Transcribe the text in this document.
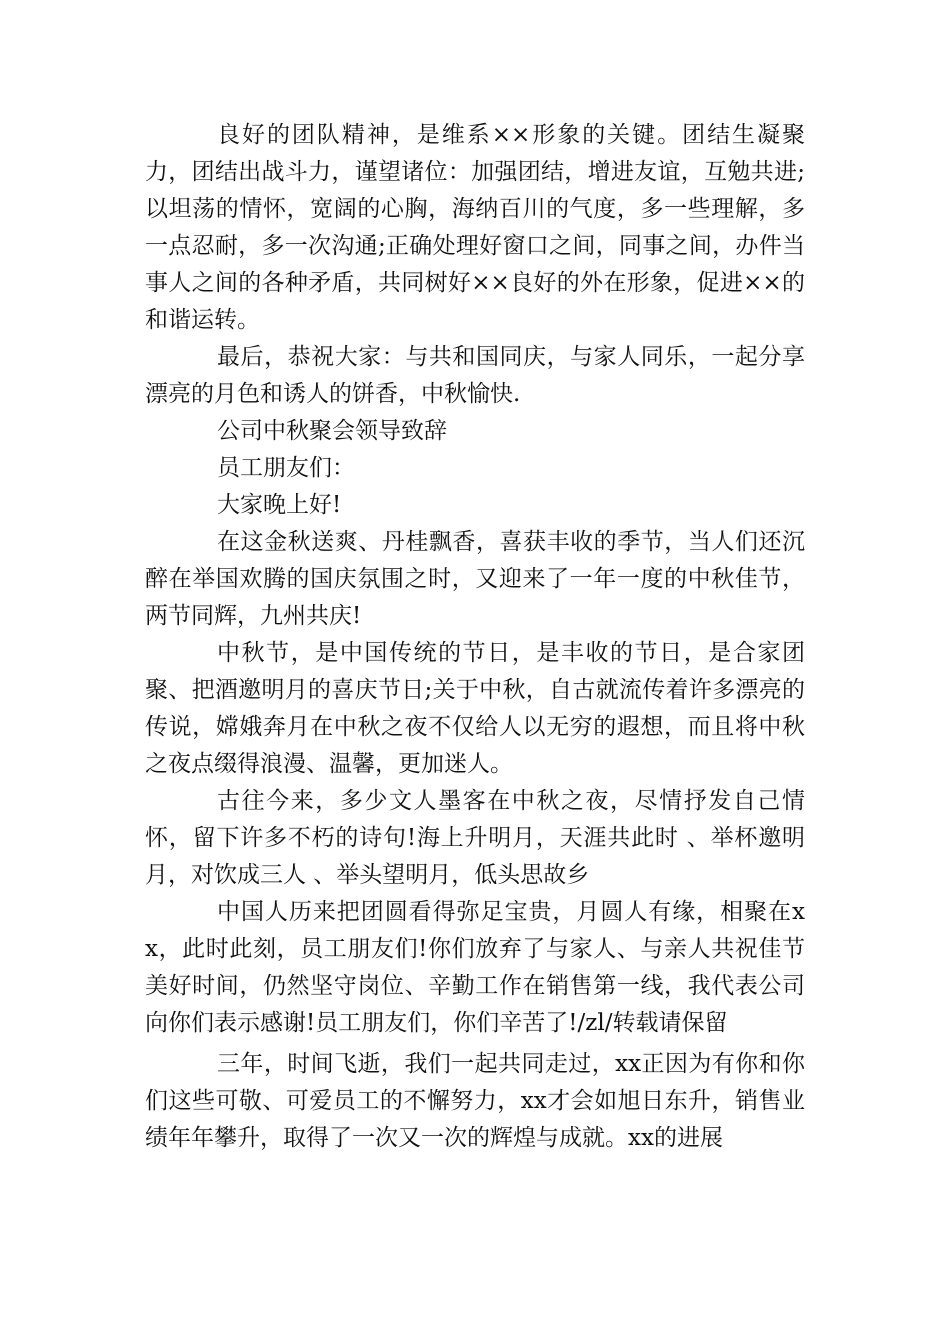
良好的团队精神，是维系××形象的关键。团结生凝聚力，团结出战斗力，谨望诸位：加强团结，增进友谊，互勉共进;以坦荡的情怀，宽阔的心胸，海纳百川的气度，多一些理解，多一点忍耐，多一次沟通;正确处理好窗口之间，同事之间，办件当事人之间的各种矛盾，共同树好××良好的外在形象，促进××的和谐运转。

最后，恭祝大家：与共和国同庆，与家人同乐，一起分享漂亮的月色和诱人的饼香，中秋愉快.

公司中秋聚会领导致辞

员工朋友们：

大家晚上好!

在这金秋送爽、丹桂飘香，喜获丰收的季节，当人们还沉醉在举国欢腾的国庆氛围之时，又迎来了一年一度的中秋佳节，两节同辉，九州共庆!

中秋节，是中国传统的节日，是丰收的节日，是合家团聚、把酒邀明月的喜庆节日;关于中秋，自古就流传着许多漂亮的传说，嫦娥奔月在中秋之夜不仅给人以无穷的遐想，而且将中秋之夜点缀得浪漫、温馨，更加迷人。

古往今来，多少文人墨客在中秋之夜，尽情抒发自己情怀，留下许多不朽的诗句!海上升明月，天涯共此时 、举杯邀明月，对饮成三人 、举头望明月，低头思故乡

中国人历来把团圆看得弥足宝贵，月圆人有缘，相聚在xx，此时此刻，员工朋友们!你们放弃了与家人、与亲人共祝佳节美好时间，仍然坚守岗位、辛勤工作在销售第一线，我代表公司向你们表示感谢!员工朋友们，你们辛苦了!/zl/转载请保留

三年，时间飞逝，我们一起共同走过，xx正因为有你和你们这些可敬、可爱员工的不懈努力，xx才会如旭日东升，销售业绩年年攀升，取得了一次又一次的辉煌与成就。xx的进展
